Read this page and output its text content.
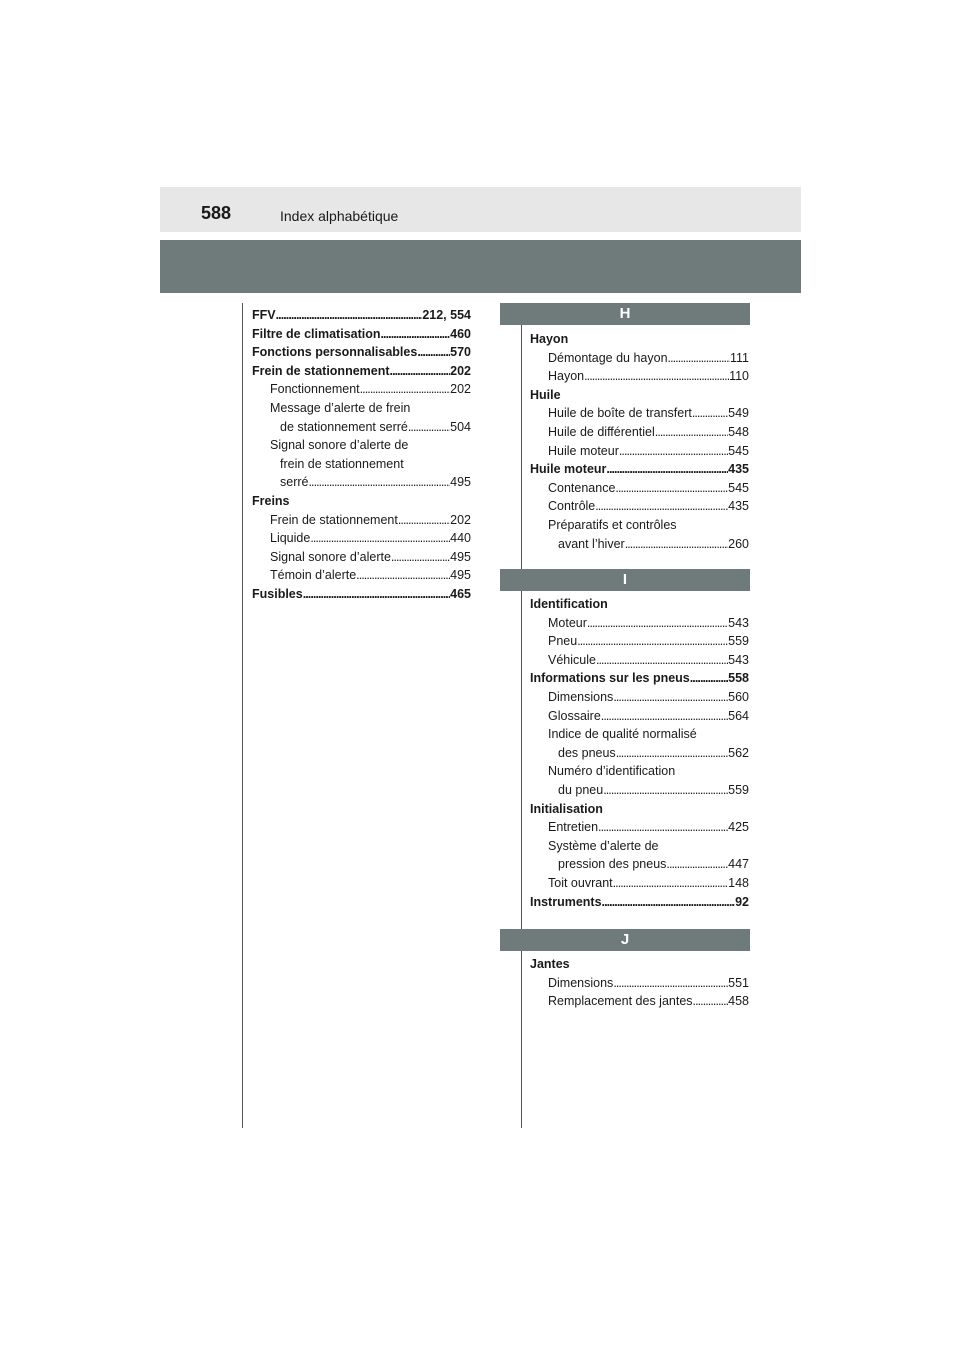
588	Index alphabétique
FFV . . .	212, 554
Filtre de climatisation . . .	460
Fonctions personnalisables . . .	570
Frein de stationnement . . .	202
Fonctionnement . . .	202
Message d’alerte de frein
de stationnement serré . . .	504
Signal sonore d’alerte de
frein de stationnement
serré . . .	495
Freins
Frein de stationnement . . .	202
Liquide . . .	440
Signal sonore d’alerte . . .	495
Témoin d’alerte . . .	495
Fusibles . . .	465
H
I
J
Hayon
Démontage du hayon . . .	111
Hayon . . .	110
Huile
Huile de boîte de transfert . . .	549
Huile de différentiel . . .	548
Huile moteur . . .	545
Huile moteur . . .	435
Contenance . . .	545
Contrôle . . .	435
Préparatifs et contrôles
avant l’hiver . . .	260
Identification
Moteur . . .	543
Pneu . . .	559
Véhicule . . .	543
Informations sur les pneus . . .	558
Dimensions . . .	560
Glossaire . . .	564
Indice de qualité normalisé
des pneus . . .	562
Numéro d’identification
du pneu . . .	559
Initialisation
Entretien . . .	425
Système d’alerte de
pression des pneus . . .	447
Toit ouvrant . . .	148
Instruments . . .	92
Jantes
Dimensions . . .	551
Remplacement des jantes . . .	458
